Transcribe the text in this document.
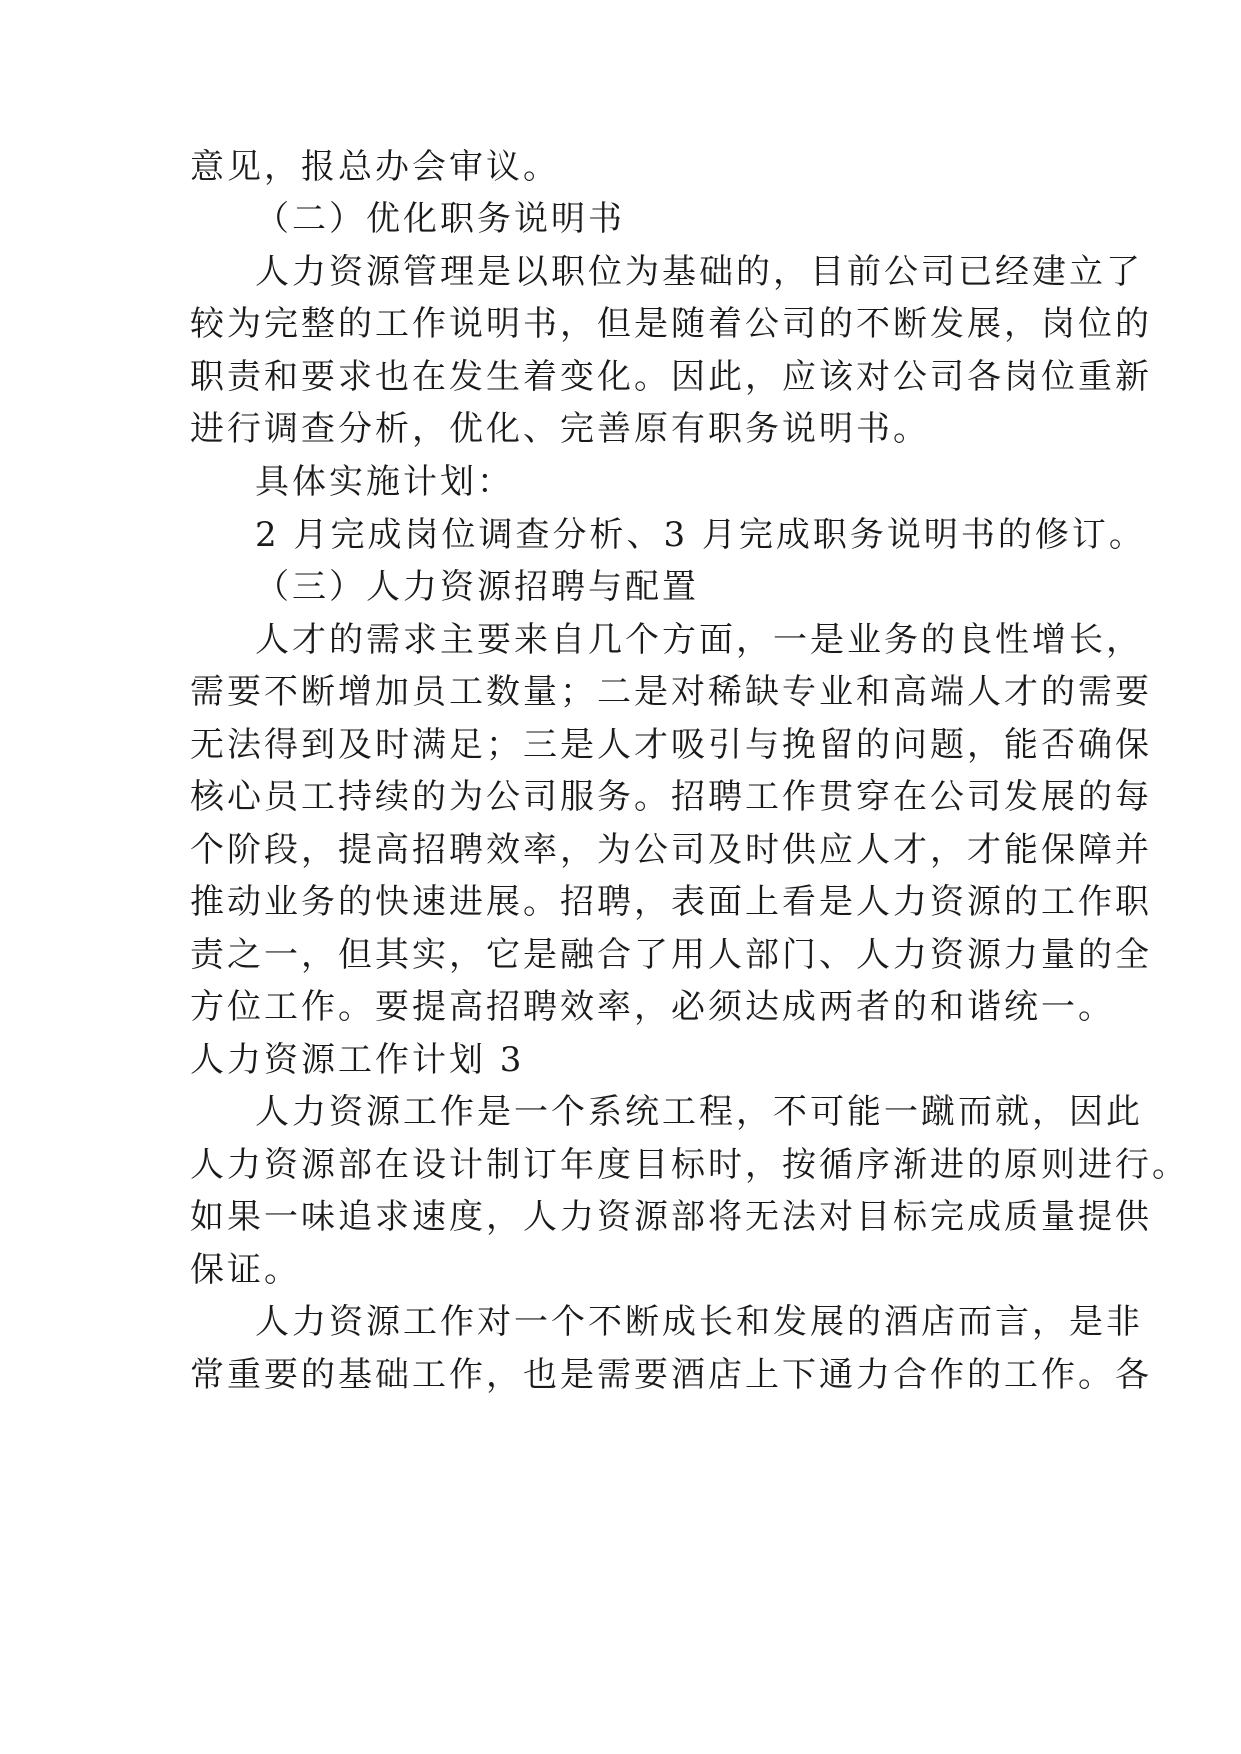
意见，报总办会审议。
（二）优化职务说明书
人力资源管理是以职位为基础的，目前公司已经建立了
较为完整的工作说明书，但是随着公司的不断发展，岗位的
职责和要求也在发生着变化。因此，应该对公司各岗位重新
进行调查分析，优化、完善原有职务说明书。
具体实施计划：
2 月完成岗位调查分析、3 月完成职务说明书的修订。
（三）人力资源招聘与配置
人才的需求主要来自几个方面，一是业务的良性增长，
需要不断增加员工数量；二是对稀缺专业和高端人才的需要
无法得到及时满足；三是人才吸引与挽留的问题，能否确保
核心员工持续的为公司服务。招聘工作贯穿在公司发展的每
个阶段，提高招聘效率，为公司及时供应人才，才能保障并
推动业务的快速进展。招聘，表面上看是人力资源的工作职
责之一，但其实，它是融合了用人部门、人力资源力量的全
方位工作。要提高招聘效率，必须达成两者的和谐统一。
人力资源工作计划 3
人力资源工作是一个系统工程，不可能一蹴而就，因此
人力资源部在设计制订年度目标时，按循序渐进的原则进行。
如果一味追求速度，人力资源部将无法对目标完成质量提供
保证。
人力资源工作对一个不断成长和发展的酒店而言，是非
常重要的基础工作，也是需要酒店上下通力合作的工作。各
